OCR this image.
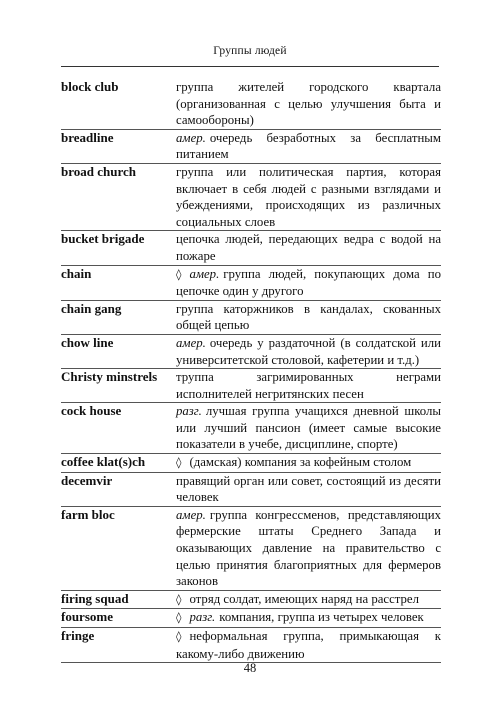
Группы людей
block club	группа жителей городского квартала (организованная с целью улучшения быта и самообороны)
breadline	амер. очередь безработных за бесплатным питанием
broad church	группа или политическая партия, которая включает в себя людей с разными взглядами и убеждениями, происходящих из различных социальных слоев
bucket brigade	цепочка людей, передающих ведра с водой на пожаре
chain	◊ амер. группа людей, покупающих дома по цепочке один у другого
chain gang	группа каторжников в кандалах, скованных общей цепью
chow line	амер. очередь у раздаточной (в солдатской или университетской столовой, кафетерии и т.д.)
Christy minstrels	труппа загримированных неграми исполнителей негритянских песен
cock house	разг. лучшая группа учащихся дневной школы или лучший пансион (имеет самые высокие показатели в учебе, дисциплине, спорте)
coffee klat(s)ch	◊ (дамская) компания за кофейным столом
decemvir	правящий орган или совет, состоящий из десяти человек
farm bloc	амер. группа конгрессменов, представляющих фермерские штаты Среднего Запада и оказывающих давление на правительство с целью принятия благоприятных для фермеров законов
firing squad	◊ отряд солдат, имеющих наряд на расстрел
foursome	◊ разг. компания, группа из четырех человек
fringe	◊ неформальная группа, примыкающая к какому-либо движению
48
